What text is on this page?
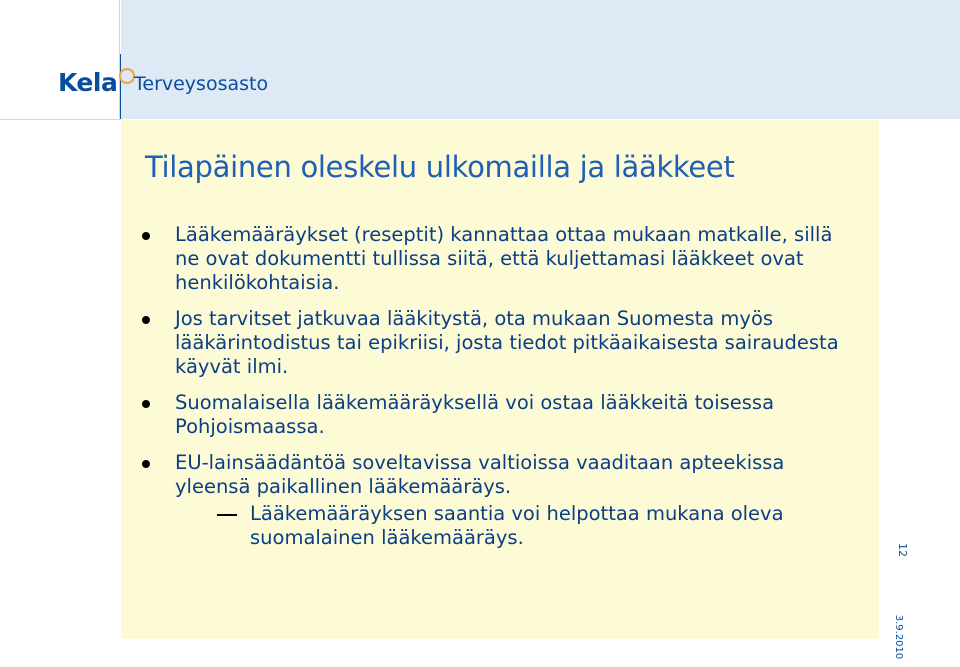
Kela Terveysosasto
Tilapäinen oleskelu ulkomailla ja lääkkeet
Lääkemääräykset (reseptit) kannattaa ottaa mukaan matkalle, sillä ne ovat dokumentti tullissa siitä, että kuljettamasi lääkkeet ovat henkilökohtaisia.
Jos tarvitset jatkuvaa lääkitystä, ota mukaan Suomesta myös lääkärintodistus tai epikriisi, josta tiedot pitkäaikaisesta sairaudesta käyvät ilmi.
Suomalaisella lääkemääräyksellä voi ostaa lääkkeitä toisessa Pohjoismaassa.
EU-lainsäädäntöä soveltavissa valtioissa vaaditaan apteekissa yleensä paikallinen lääkemääräys.
Lääkemääräyksen saantia voi helpottaa mukana oleva suomalainen lääkemääräys.
12
3.9.2010
